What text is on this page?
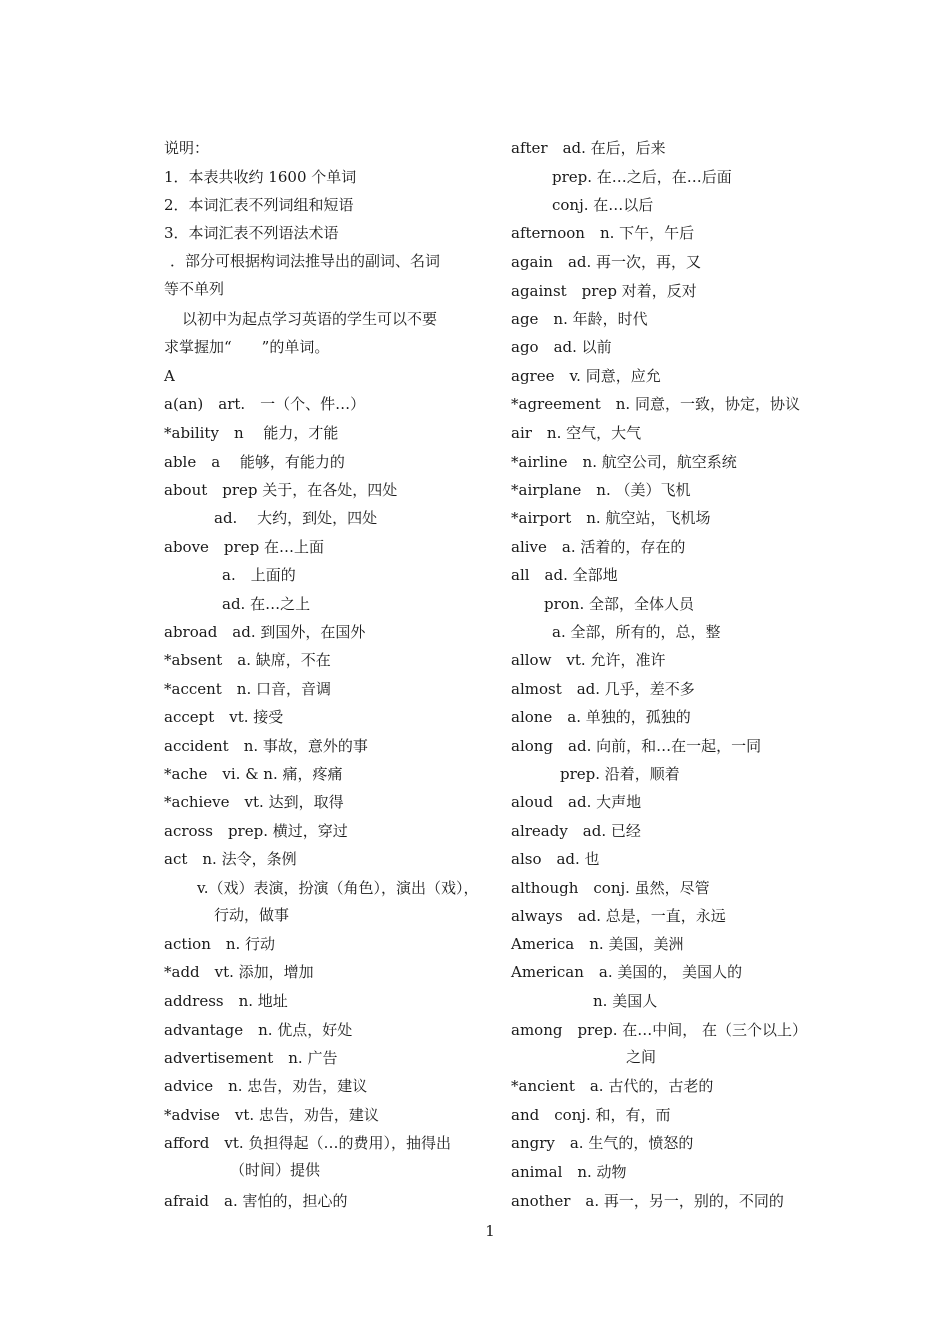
说明：
1．本表共收约 1600 个单词
2．本词汇表不列词组和短语
3．本词汇表不列语法术语
．部分可根据构词法推导出的副词、名词
等不单列
以初中为起点学习英语的学生可以不要
求掌握加“　　”的单词。
A
a(an)　art.　一（个、件…）
*ability　n　 能力，才能
able　a　 能够，有能力的
about　prep 关于，在各处，四处
ad.　 大约，到处，四处
above　prep 在…上面
a.　上面的
ad. 在…之上
abroad　ad. 到国外，在国外
*absent　a. 缺席，不在
*accent　n. 口音，音调
accept　vt. 接受
accident　n. 事故，意外的事
*ache　vi. & n. 痛，疼痛
*achieve　vt. 达到，取得
across　prep. 横过，穿过
act　n. 法令，条例
v.（戏）表演，扮演（角色），演出（戏），
行动，做事
action　n. 行动
*add　vt. 添加，增加
address　n. 地址
advantage　n. 优点，好处
advertisement　n. 广告
advice　n. 忠告，劝告，建议
*advise　vt. 忠告，劝告，建议
afford　vt. 负担得起（…的费用），抽得出
（时间）提供
afraid　a. 害怕的，担心的
after　ad. 在后，后来
prep. 在…之后，在…后面
conj. 在…以后
afternoon　n. 下午，午后
again　ad. 再一次，再，又
against　prep 对着，反对
age　n. 年龄，时代
ago　ad. 以前
agree　v. 同意，应允
*agreement　n. 同意，一致，协定，协议
air　n. 空气，大气
*airline　n. 航空公司，航空系统
*airplane　n. （美）飞机
*airport　n. 航空站，飞机场
alive　a. 活着的，存在的
all　ad. 全部地
pron. 全部，全体人员
a. 全部，所有的，总，整
allow　vt. 允许，准许
almost　ad. 几乎，差不多
alone　a. 单独的，孤独的
along　ad. 向前，和…在一起，一同
prep. 沿着，顺着
aloud　ad. 大声地
already　ad. 已经
also　ad. 也
although　conj. 虽然，尽管
always　ad. 总是，一直，永远
America　n. 美国，美洲
American　a. 美国的， 美国人的
n. 美国人
among　prep. 在…中间， 在（三个以上）
之间
*ancient　a. 古代的，古老的
and　conj. 和，有，而
angry　a. 生气的，愤怒的
animal　n. 动物
another　a. 再一，另一，别的，不同的
1
